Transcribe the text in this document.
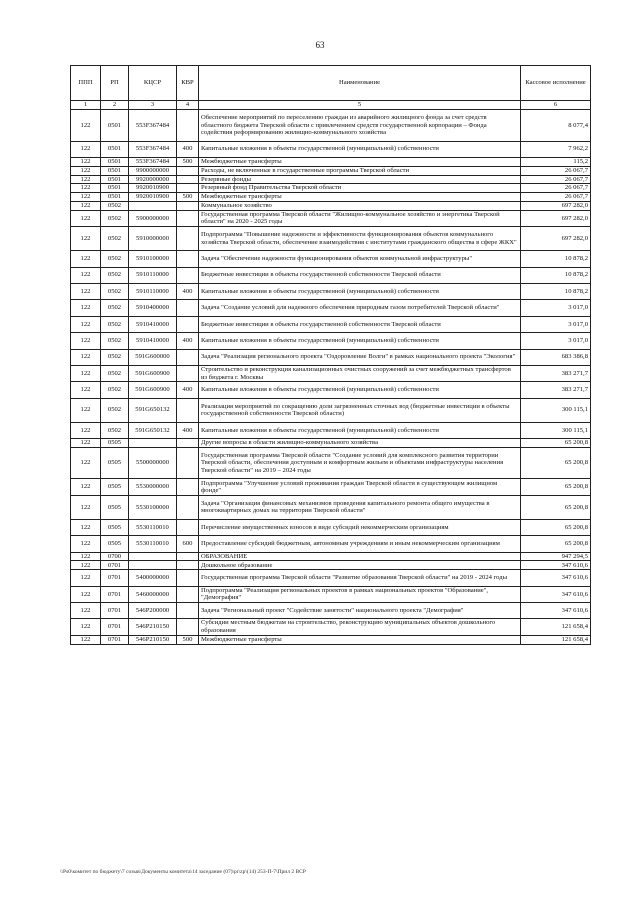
63
ППП	РП	КЦСР	КВР	Наименование	Кассовое исполнение
1	2	3	4	5	6
122	0501	553F367484		Обеспечение мероприятий по переселению граждан из аварийного жилищного фонда за счет средств областного бюджета Тверской области с привлечением средств государственной корпорации – Фонда содействия реформированию жилищно-коммунального хозяйства	8 077,4
122	0501	553F367484	400	Капитальные вложения в объекты государственной (муниципальной) собственности	7 962,2
122	0501	553F367484	500	Межбюджетные трансферты	115,2
122	0501	9900000000		Расходы, не включенные в государственные программы Тверской области	26 067,7
122	0501	9920000000		Резервные фонды	26 067,7
122	0501	9920010900		Резервный фонд Правительства Тверской области	26 067,7
122	0501	9920010900	500	Межбюджетные трансферты	26 067,7
122	0502			Коммунальное хозяйство	697 282,0
122	0502	5900000000		Государственная программа Тверской области "Жилищно-коммунальное хозяйство и энергетика Тверской области" на 2020 - 2025 годы	697 282,0
122	0502	5910000000		Подпрограмма "Повышение надежности и эффективности функционирования объектов коммунального хозяйства Тверской области, обеспечение взаимодействия с институтами гражданского общества в сфере ЖКХ"	697 282,0
122	0502	5910100000		Задача "Обеспечение надежности функционирования объектов коммунальной инфраструктуры"	10 878,2
122	0502	5910110000		Бюджетные инвестиции в объекты государственной собственности Тверской области	10 878,2
122	0502	5910110000	400	Капитальные вложения в объекты государственной (муниципальной) собственности	10 878,2
122	0502	5910400000		Задача "Создание условий для надежного обеспечения природным газом потребителей Тверской области"	3 017,0
122	0502	5910410000		Бюджетные инвестиции в объекты государственной собственности Тверской области	3 017,0
122	0502	5910410000	400	Капитальные вложения в объекты государственной (муниципальной) собственности	3 017,0
122	0502	591G600000		Задача "Реализация регионального проекта "Оздоровление Волги" в рамках национального проекта "Экология"	683 386,8
122	0502	591G600900		Строительство и реконструкция канализационных очистных сооружений за счет межбюджетных трансфертов из бюджета г. Москвы	383 271,7
122	0502	591G600900	400	Капитальные вложения в объекты государственной (муниципальной) собственности	383 271,7
122	0502	591G650132		Реализация мероприятий по сокращению доли загрязненных сточных вод (бюджетные инвестиции в объекты государственной собственности Тверской области)	300 115,1
122	0502	591G650132	400	Капитальные вложения в объекты государственной (муниципальной) собственности	300 115,1
122	0505			Другие вопросы в области жилищно-коммунального хозяйства	65 200,8
122	0505	5500000000		Государственная программа Тверской области "Создание условий для комплексного развития территории Тверской области, обеспечения доступным и комфортным жильем и объектами инфраструктуры населения Тверской области" на 2019 – 2024 годы	65 200,8
122	0505	5530000000		Подпрограмма "Улучшение условий проживания граждан Тверской области в существующем жилищном фонде"	65 200,8
122	0505	5530100000		Задача "Организация финансовых механизмов проведения капитального ремонта общего имущества в многоквартирных домах на территории Тверской области"	65 200,8
122	0505	5530110010		Перечисление имущественных взносов в виде субсидий некоммерческим организациям	65 200,8
122	0505	5530110010	600	Предоставление субсидий бюджетным, автономным учреждениям и иным некоммерческим организациям	65 200,8
122	0700			ОБРАЗОВАНИЕ	947 294,5
122	0701			Дошкольное образование	347 610,6
122	0701	5400000000		Государственная программа Тверской области "Развитие образования Тверской области" на 2019 - 2024 годы	347 610,6
122	0701	5460000000		Подпрограмма "Реализация региональных проектов в рамках национальных проектов "Образование", "Демография"	347 610,6
122	0701	546P200000		Задача "Региональный проект "Содействие занятости" национального проекта "Демография"	347 610,6
122	0701	546P210150		Субсидии местным бюджетам на строительство, реконструкцию муниципальных объектов дошкольного образования	121 658,4
122	0701	546P210150	500	Межбюджетные трансферты	121 658,4
\\Ps0\комитет по бюджету\7 созыв\Документы комитета\14 заседание (07)\pr\zp\(14) 253-П-7\Прил 2 ВСР
